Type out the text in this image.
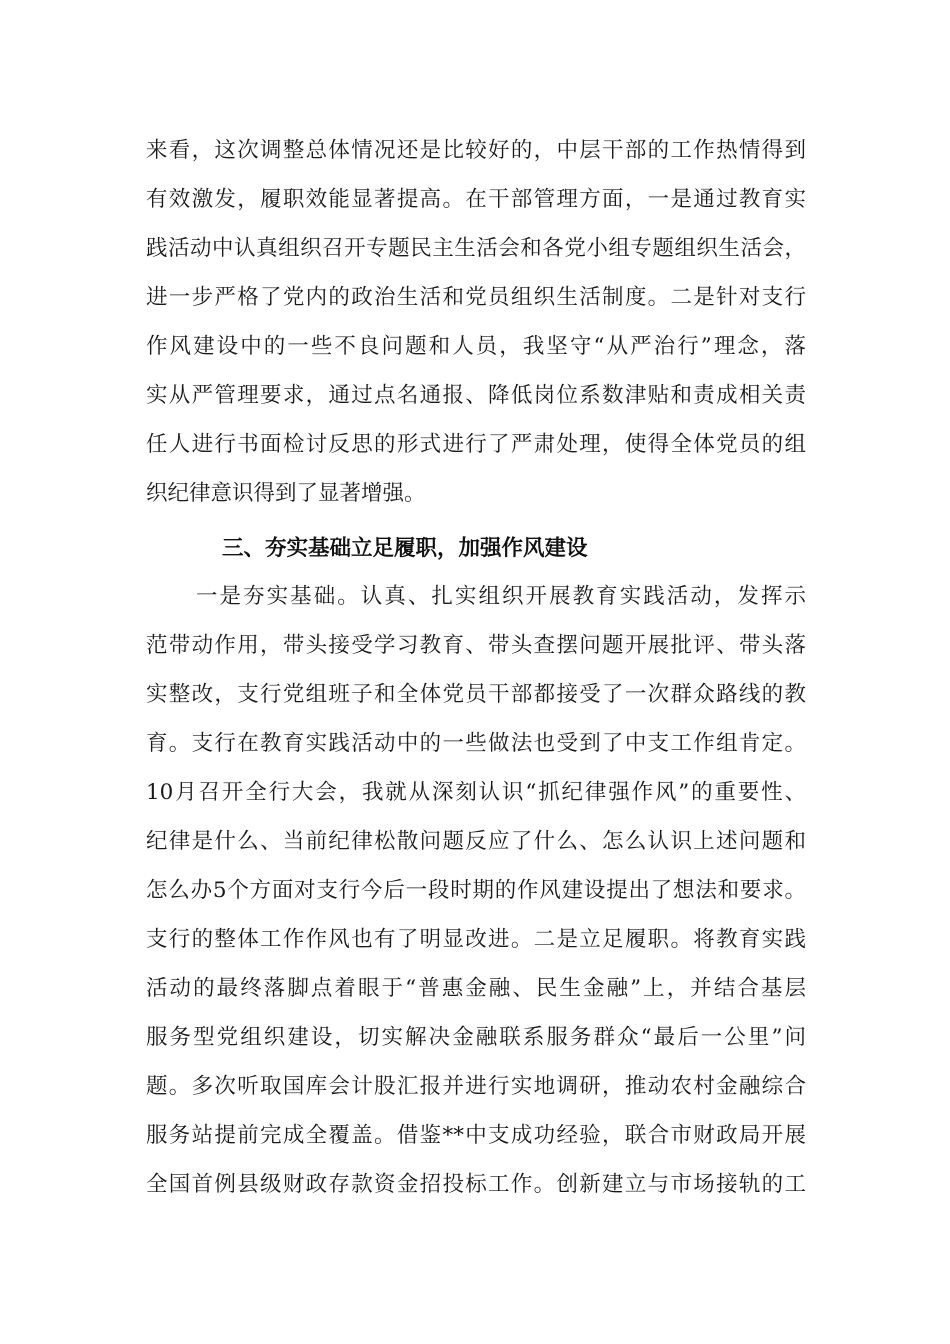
来看，这次调整总体情况还是比较好的，中层干部的工作热情得到
有效激发，履职效能显著提高。在干部管理方面，一是通过教育实
践活动中认真组织召开专题民主生活会和各党小组专题组织生活会，
进一步严格了党内的政治生活和党员组织生活制度。二是针对支行
作风建设中的一些不良问题和人员，我坚守“从严治行”理念，落
实从严管理要求，通过点名通报、降低岗位系数津贴和责成相关责
任人进行书面检讨反思的形式进行了严肃处理，使得全体党员的组
织纪律意识得到了显著增强。
三、夯实基础立足履职，加强作风建设
一是夯实基础。认真、扎实组织开展教育实践活动，发挥示
范带动作用，带头接受学习教育、带头查摆问题开展批评、带头落
实整改，支行党组班子和全体党员干部都接受了一次群众路线的教
育。支行在教育实践活动中的一些做法也受到了中支工作组肯定。
10月召开全行大会，我就从深刻认识“抓纪律强作风”的重要性、
纪律是什么、当前纪律松散问题反应了什么、怎么认识上述问题和
怎么办5个方面对支行今后一段时期的作风建设提出了想法和要求。
支行的整体工作作风也有了明显改进。二是立足履职。将教育实践
活动的最终落脚点着眼于“普惠金融、民生金融”上，并结合基层
服务型党组织建设，切实解决金融联系服务群众“最后一公里”问
题。多次听取国库会计股汇报并进行实地调研，推动农村金融综合
服务站提前完成全覆盖。借鉴**中支成功经验，联合市财政局开展
全国首例县级财政存款资金招投标工作。创新建立与市场接轨的工
